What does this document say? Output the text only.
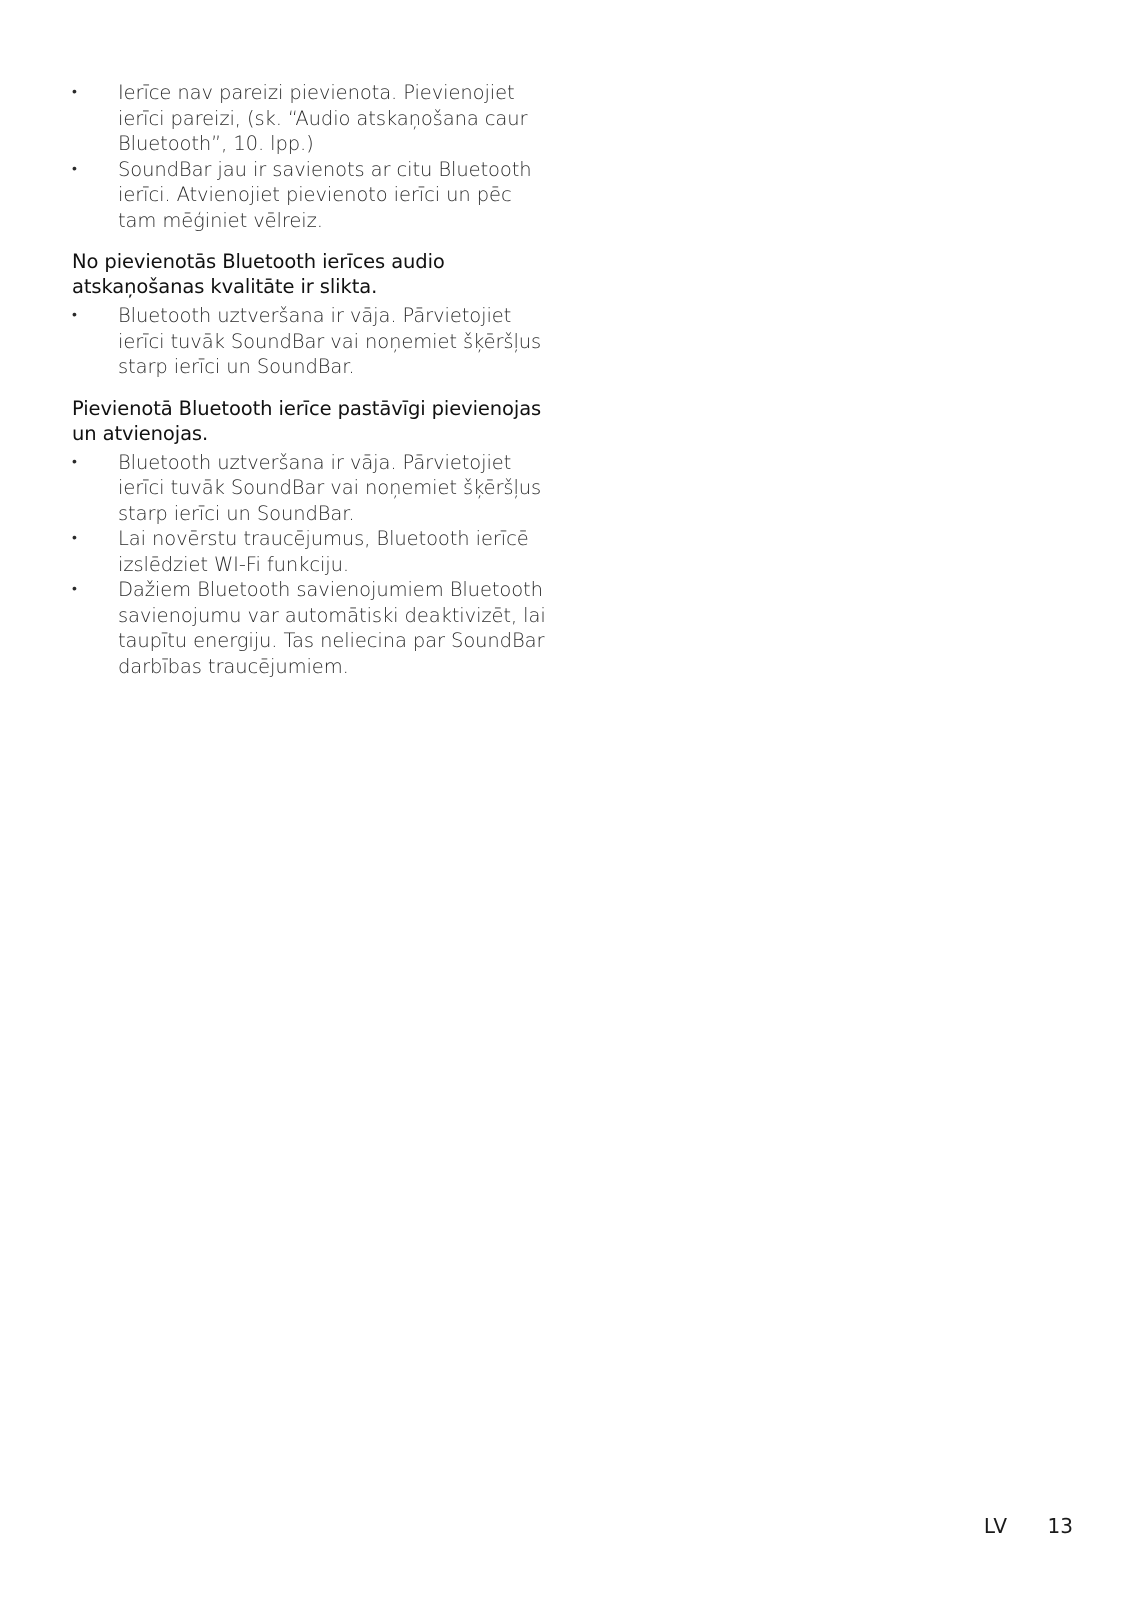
• Ierīce nav pareizi pievienota. Pievienojiet ierīci pareizi, (sk. “Audio atskaņošana caur Bluetooth”, 10. lpp.)
• SoundBar jau ir savienots ar citu Bluetooth ierīci. Atvienojiet pievienoto ierīci un pēc tam mēģiniet vēlreiz.
No pievienotās Bluetooth ierīces audio atskaņošanas kvalitāte ir slikta.
• Bluetooth uztveršana ir vāja. Pārvietojiet ierīci tuvāk SoundBar vai noņemiet šķēršļus starp ierīci un SoundBar.
Pievienotā Bluetooth ierīce pastāvīgi pievienojas un atvienojas.
• Bluetooth uztveršana ir vāja. Pārvietojiet ierīci tuvāk SoundBar vai noņemiet šķēršļus starp ierīci un SoundBar.
• Lai novērstu traucējumus, Bluetooth ierīcē izslēdziet WI-Fi funkciju.
• Dažiem Bluetooth savienojumiem Bluetooth savienojumu var automātiski deaktivizēt, lai taupītu energiju. Tas neliecina par SoundBar darbības traucējumiem.
LV 13
